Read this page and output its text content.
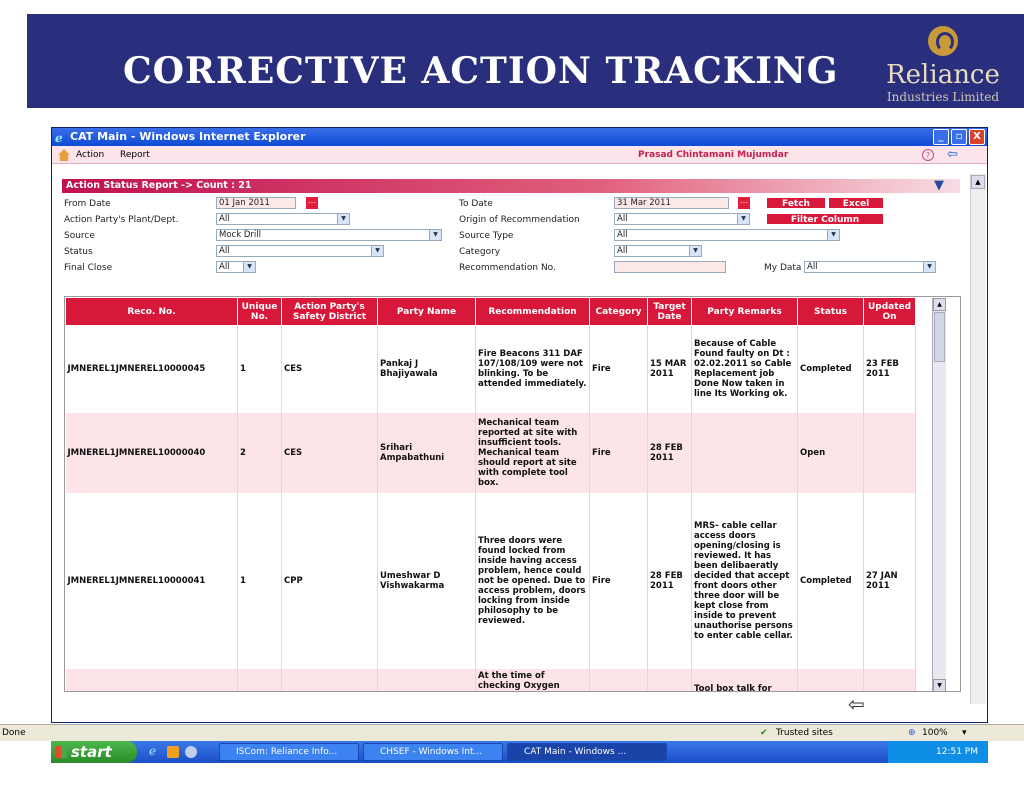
CORRECTIVE ACTION TRACKING	Reliance
Industries Limited
ℯ CAT Main - Windows Internet Explorer	_	▫	X
Action Report	Prasad Chintamani Mujumdar	? ⇦
Action Status Report -> Count : 21	▼	▲
From Date	01 Jan 2011	...	To Date	31 Mar 2011	...	Fetch	Excel
Action Party's Plant/Dept.	All	▼	Origin of Recommendation	All	▼	Filter Column
Source	Mock Drill	▼	Source Type	All	▼
Status	All	▼	Category	All	▼
Final Close	All	▼	Recommendation No.	My Data All	▼
Reco. No.	Unique No.	Action Party's Safety District	Party Name	Recommendation	Category	Target Date	Party Remarks	Status	Updated On
JMNEREL1JMNEREL10000045	1	CES	Pankaj J Bhajiyawala	Fire Beacons 311 DAF 107/108/109 were not blinking. To be attended immediately.	Fire	15 MAR 2011	Because of Cable Found faulty on Dt : 02.02.2011 so Cable Replacement job Done Now taken in line Its Working ok.	Completed	23 FEB 2011
JMNEREL1JMNEREL10000040	2	CES	Srihari Ampabathuni	Mechanical team reported at site with insufficient tools. Mechanical team should report at site with complete tool box.	Fire	28 FEB 2011		Open	
JMNEREL1JMNEREL10000041	1	CPP	Umeshwar D Vishwakarma	Three doors were found locked from inside having access problem, hence could not be opened. Due to access problem, doors locking from inside philosophy to be reviewed.	Fire	28 FEB 2011	MRS- cable cellar access doors opening/closing is reviewed. It has been delibaeratly decided that accept front doors other three door will be kept close from inside to prevent unauthorise persons to enter cable cellar.	Completed	27 JAN 2011
				At the time of checking Oxygen			Tool box talk for		
▲
▼
⇦
Done	✔ Trusted sites	⊕ 100% ▾
start	ℯ	ISCom: Reliance Info...	CHSEF - Windows Int...	CAT Main - Windows ...	12:51 PM
